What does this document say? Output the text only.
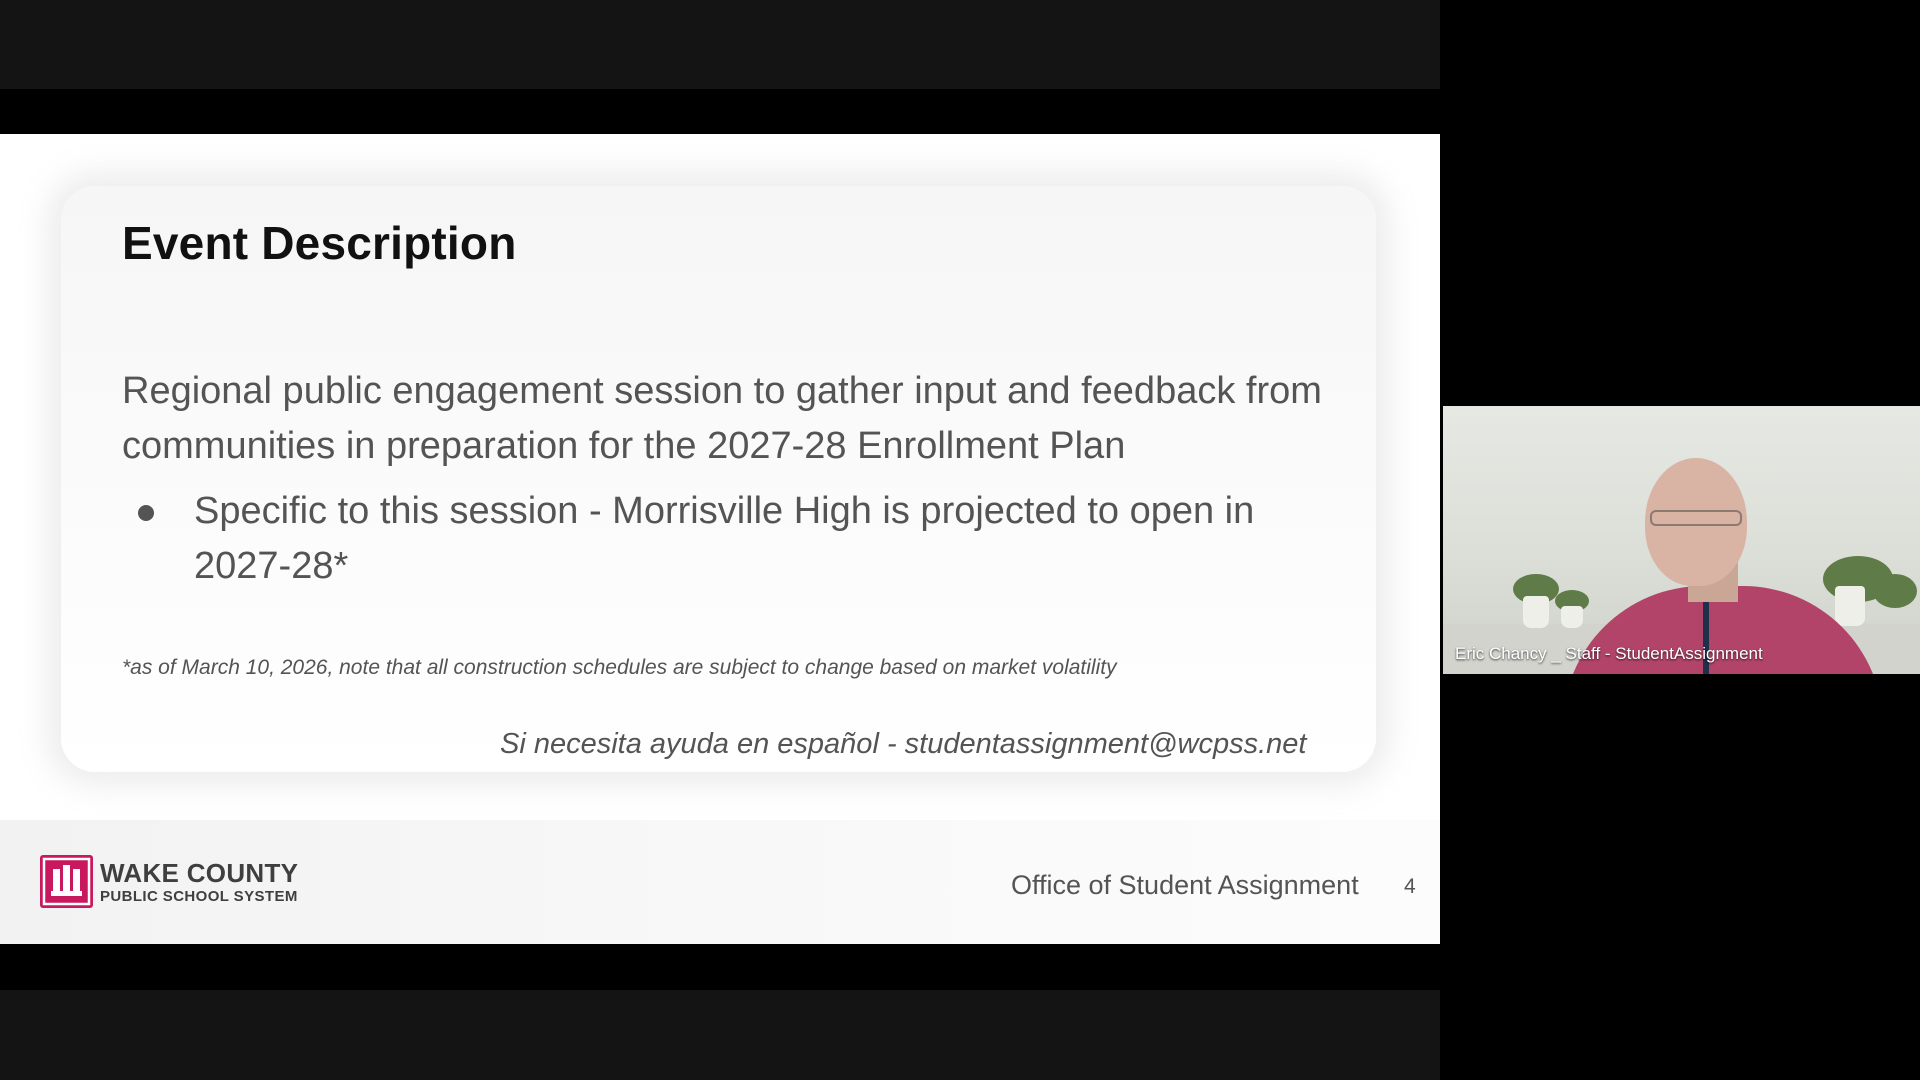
Event Description

Regional public engagement session to gather input and feedback from communities in preparation for the 2027-28 Enrollment Plan

Specific to this session - Morrisville High is projected to open in 2027-28*

*as of March 10, 2026, note that all construction schedules are subject to change based on market volatility

Si necesita ayuda en español - studentassignment@wcpss.net

WAKE COUNTY

PUBLIC SCHOOL SYSTEM	Office of Student Assignment 4

Eric Chancy _ Staff - StudentAssignment
